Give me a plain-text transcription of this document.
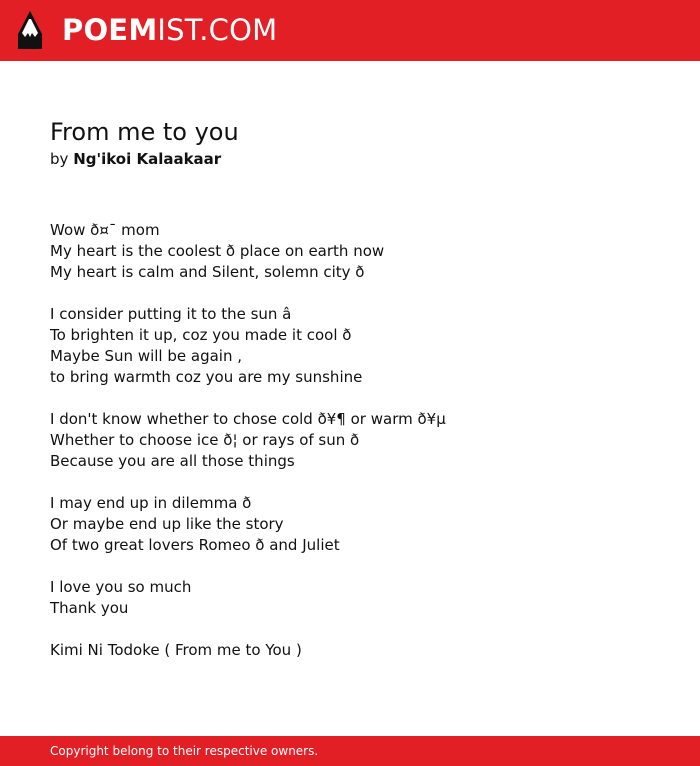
POEMIST.COM
From me to you
by Ng'ikoi Kalaakaar
Wow ð¤¯ mom
My heart is the coolest ð place on earth now
My heart is calm and Silent, solemn city ð
I consider putting it to the sun â
To brighten it up, coz you made it cool ð
Maybe Sun will be again ,
to bring warmth coz you are my sunshine
I don't know whether to chose cold ð¥¶ or warm ð¥µ
Whether to choose ice ð¦ or rays of sun ð
Because you are all those things
I may end up in dilemma ð
Or maybe end up like the story
Of two great lovers Romeo ð and Juliet
I love you so much
Thank you
Kimi Ni Todoke ( From me to You )
Copyright belong to their respective owners.
